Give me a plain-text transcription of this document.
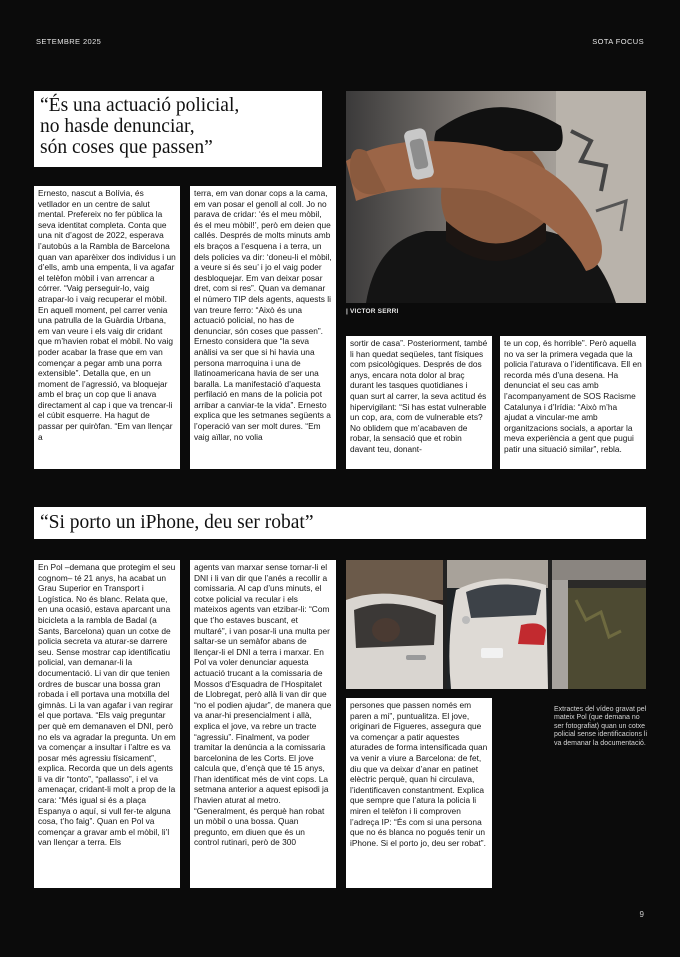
SETEMBRE 2025	SOTA FOCUS
“És una actuació policial,
no hasde denunciar,
són coses que passen”

Ernesto, nascut a Bolívia, és vetllador en un centre de salut mental. Prefereix no fer pública la seva identitat completa. Conta que una nit d’agost de 2022, esperava l’autobús a la Rambla de Barcelona quan van aparèixer dos individus i un d’ells, amb una empenta, li va agafar el telèfon mòbil i van arrencar a córrer. “Vaig perseguir-lo, vaig atrapar-lo i vaig recuperar el mòbil. En aquell moment, pel carrer venia una patrulla de la Guàrdia Urbana, em van veure i els vaig dir cridant que m’havien robat el mòbil. No vaig poder acabar la frase que em van començar a pegar amb una porra extensible”. Detalla que, en un moment de l’agressió, va bloquejar amb el braç un cop que li anava directament al cap i que va trencar-li el cúbit esquerre. Ha hagut de passar per quiròfan. “Em van llençar a

terra, em van donar cops a la cama, em van posar el genoll al coll. Jo no parava de cridar: ‘és el meu mòbil, és el meu mòbil!’, però em deien que callés. Després de molts minuts amb els braços a l’esquena i a terra, un dels policies va dir: ‘doneu-li el mòbil, a veure si és seu’ i jo el vaig poder desbloquejar. Em van deixar posar dret, com si res”. Quan va demanar el número TIP dels agents, aquests li van treure ferro: “Això és una actuació policial, no has de denunciar, són coses que passen”. Ernesto considera que “la seva anàlisi va ser que si hi havia una persona marroquina i una de llatinoamericana havia de ser una baralla. La manifestació d’aquesta perfilació en mans de la policia pot arribar a canviar-te la vida”. Ernesto explica que les setmanes següents a l’operació van ser molt dures. “Em vaig aïllar, no volia

| VICTOR SERRI

sortir de casa”. Posteriorment, també li han quedat seqüeles, tant físiques com psicològiques. Després de dos anys, encara nota dolor al braç durant les tasques quotidianes i quan surt al carrer, la seva actitud és hipervigilant: “Si has estat vulnerable un cop, ara, com de vulnerable ets? No oblidem que m’acabaven de robar, la sensació que et robin davant teu, donant-

te un cop, és horrible”. Però aquella no va ser la primera vegada que la policia l’aturava o l’identificava. Ell en recorda més d’una desena. Ha denunciat el seu cas amb l’acompanyament de SOS Racisme Catalunya i d’Irídia: “Això m’ha ajudat a vincular-me amb organitzacions socials, a aportar la meva experiència a gent que pugui patir una situació similar”, rebla.

“Si porto un iPhone, deu ser robat”

En Pol –demana que protegim el seu cognom– té 21 anys, ha acabat un Grau Superior en Transport i Logística. No és blanc. Relata que, en una ocasió, estava aparcant una bicicleta a la rambla de Badal (a Sants, Barcelona) quan un cotxe de policia secreta va aturar-se darrere seu. Sense mostrar cap identificatiu policial, van demanar-li la documentació. Li van dir que tenien ordres de buscar una bossa gran robada i ell portava una motxilla del gimnàs. Li la van agafar i van regirar el que portava. “Els vaig preguntar per què em demanaven el DNI, però no els va agradar la pregunta. Un em va començar a insultar i l’altre es va posar més agressiu físicament”, explica. Recorda que un dels agents li va dir “tonto”, “pallasso”, i el va amenaçar, cridant-li molt a prop de la cara: “Més igual si és a plaça Espanya o aquí, si vull fer-te alguna cosa, t’ho faig”. Quan en Pol va començar a gravar amb el mòbil, li’l van llençar a terra. Els

agents van marxar sense tornar-li el DNI i li van dir que l’anés a recollir a comissaria. Al cap d’uns minuts, el cotxe policial va recular i els mateixos agents van etzibar-li: “Com que t’ho estaves buscant, et multaré”, i van posar-li una multa per saltar-se un semàfor abans de llençar-li el DNI a terra i marxar. En Pol va voler denunciar aquesta actuació trucant a la comissaria de Mossos d’Esquadra de l’Hospitalet de Llobregat, però allà li van dir que “no el podien ajudar”, de manera que va anar-hi presencialment i allà, explica el jove, va rebre un tracte “agressiu”. Finalment, va poder tramitar la denúncia a la comissaria barcelonina de les Corts. El jove calcula que, d’ençà que té 15 anys, l’han identificat més de vint cops. La setmana anterior a aquest episodi ja l’havien aturat al metro. “Generalment, és perquè han robat un mòbil o una bossa. Quan pregunto, em diuen que és un control rutinari, però de 300

persones que passen només em paren a mi”, puntualitza. El jove, originari de Figueres, assegura que va començar a patir aquestes aturades de forma intensificada quan va venir a viure a Barcelona: de fet, diu que va deixar d’anar en patinet elèctric perquè, quan hi circulava, l’identificaven constantment. Explica que sempre que l’atura la policia li miren el telèfon i li comproven l’adreça IP: “És com si una persona que no és blanca no pogués tenir un iPhone. Si el porto jo, deu ser robat”.

Extractes del vídeo gravat pel mateix Pol (que demana no ser fotografiat) quan un cotxe policial sense identificacions li va demanar la documentació.
9
